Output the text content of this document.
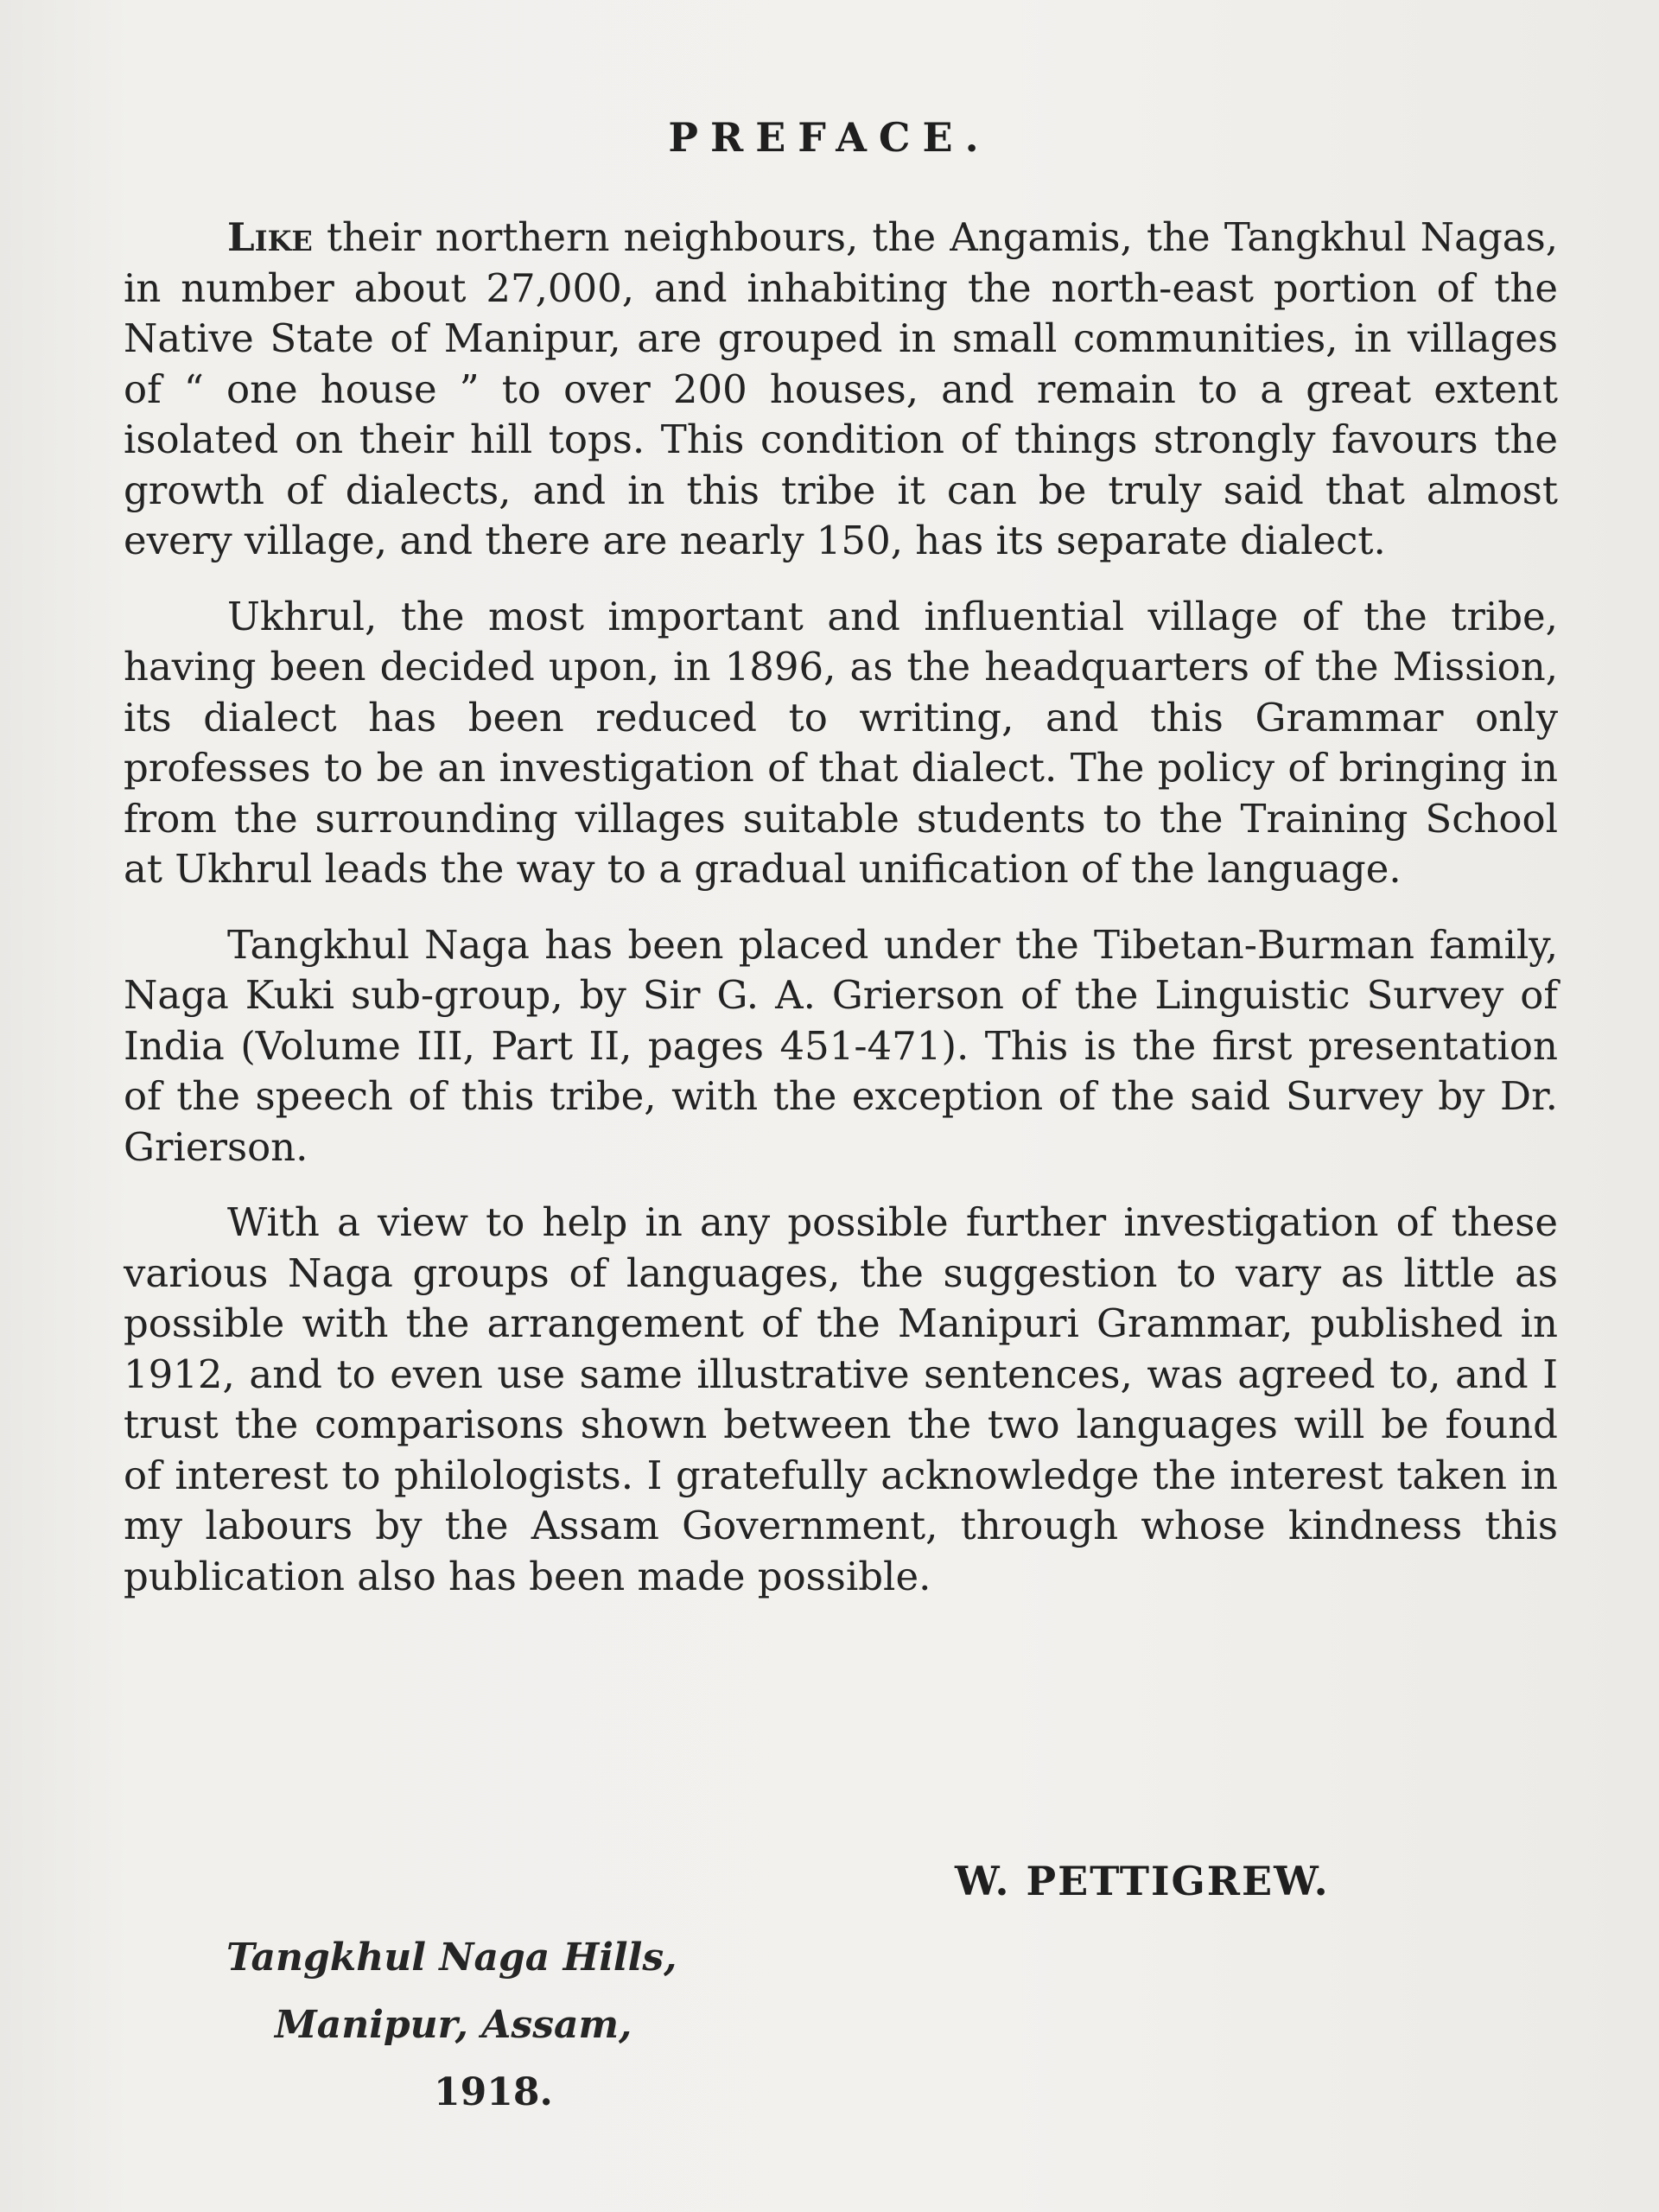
PREFACE.

Like their northern neighbours, the Angamis, the Tangkhul Nagas, in number about 27,000, and inhabiting the north-east portion of the Native State of Manipur, are grouped in small communities, in villages of “ one house ” to over 200 houses, and remain to a great extent isolated on their hill tops. This condition of things strongly favours the growth of dialects, and in this tribe it can be truly said that almost every village, and there are nearly 150, has its separate dialect.

Ukhrul, the most important and influential village of the tribe, having been decided upon, in 1896, as the headquarters of the Mission, its dialect has been reduced to writing, and this Grammar only professes to be an investigation of that dialect. The policy of bringing in from the surrounding villages suitable students to the Training School at Ukhrul leads the way to a gradual unification of the language.

Tangkhul Naga has been placed under the Tibetan-Burman family, Naga Kuki sub-group, by Sir G. A. Grierson of the Linguistic Survey of India (Volume III, Part II, pages 451-471). This is the first presentation of the speech of this tribe, with the exception of the said Survey by Dr. Grierson.

With a view to help in any possible further investigation of these various Naga groups of languages, the suggestion to vary as little as possible with the arrangement of the Manipuri Grammar, published in 1912, and to even use same illustrative sentences, was agreed to, and I trust the comparisons shown between the two languages will be found of interest to philologists. I gratefully acknowledge the interest taken in my labours by the Assam Government, through whose kindness this publication also has been made possible.

W. PETTIGREW.
Tangkhul Naga Hills,
Manipur, Assam,
1918.
